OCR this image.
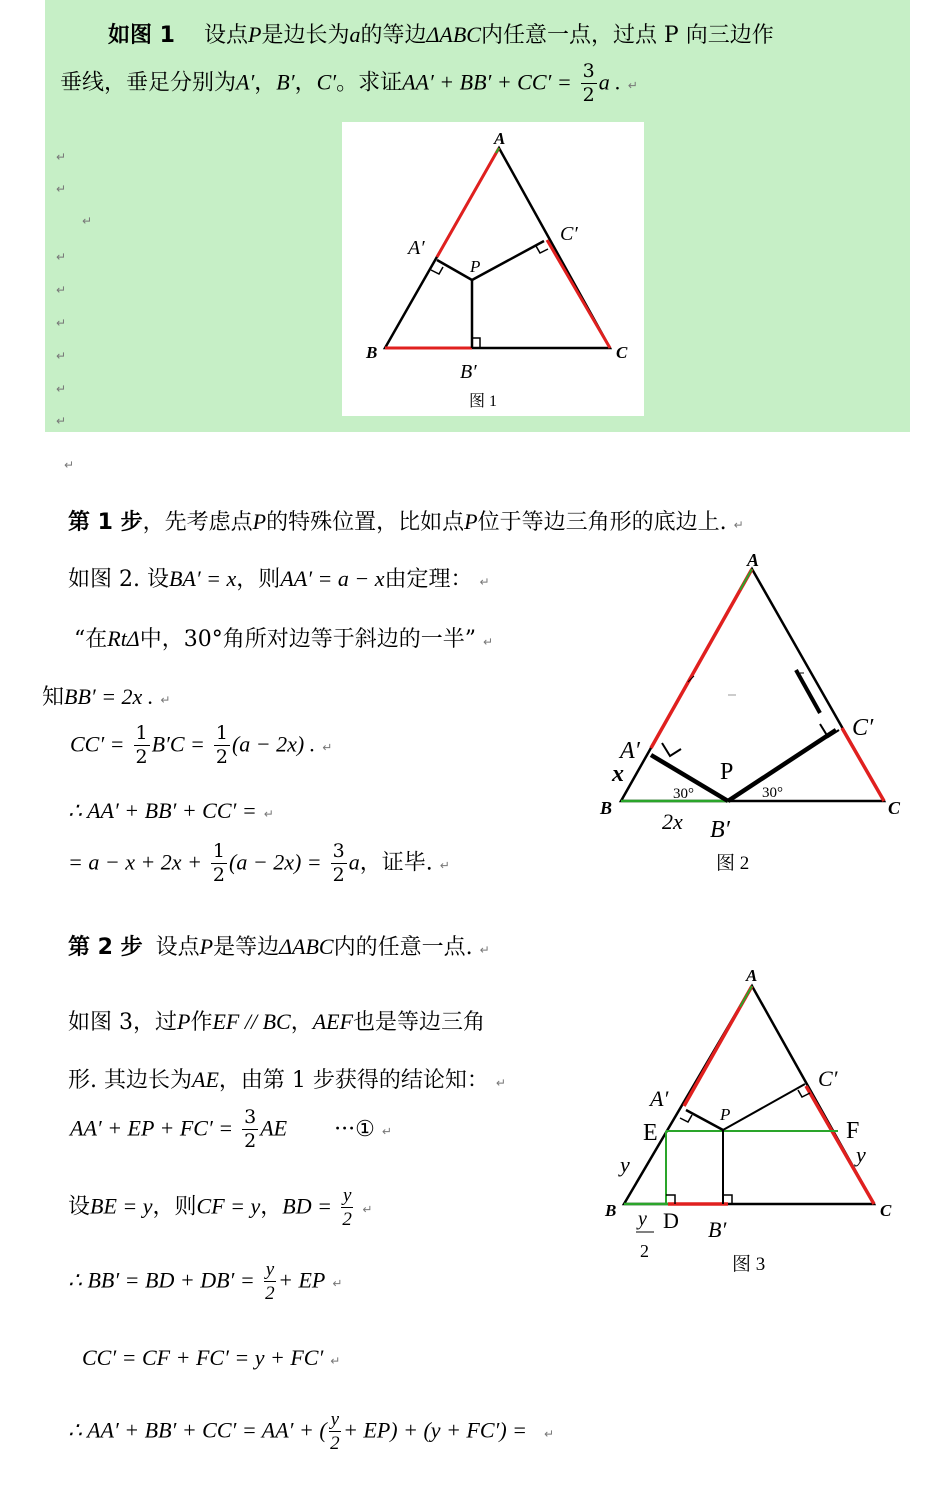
如图 1 设点P是边长为a的等边ΔABC内任意一点，过点 P 向三边作
垂线，垂足分别为A′，B′，C′。求证$AA' + BB' + CC' = \frac{3}{2}$ a . ↵
↵
↵
↵
↵
↵
↵
↵
↵
↵
↵
A
B	C
P
A′
B′
C′
图 1
第 1 步，先考虑点P的特殊位置，比如点P位于等边三角形的底边上. ↵
如图 2. 设BA′ = x，则AA′ = a − x由定理： ↵
“在RtΔ中，30°角所对边等于斜边的一半” ↵
知BB′ = 2x . ↵
$CC' = \frac{1}{2} B'C = \frac{1}{2} (a - 2x)$ . ↵
∴ AA′ + BB′ + CC′ = ↵
= $a - x + 2x + \frac{1}{2} (a - 2x) = \frac{3}{2}$ a，证毕. ↵
A
B	C
P
A′
C′
B′
x
2x
30°	30°
图 2
第 2 步 设点P是等边ΔABC内的任意一点. ↵
如图 3，过P作EF // BC，AEF也是等边三角
形. 其边长为AE，由第 1 步获得的结论知： ↵
AA′ + EP + $FC' = \frac{3}{2}$ AE ···① ↵
设BE = y，则CF = y，BD = $\frac{y}{2}$ ↵
∴ BB′ = BD + $DB' = \frac{y}{2}$ + EP ↵
CC′ = CF + FC′ = y + FC′ ↵
∴ AA′ + BB′ + CC′ = AA′ + ( $\frac{y}{2} + EP) + (y + FC')$ = ↵
A
B	C
P
A′
C′
B′
E	F
D
y	y
y
2
图 3
